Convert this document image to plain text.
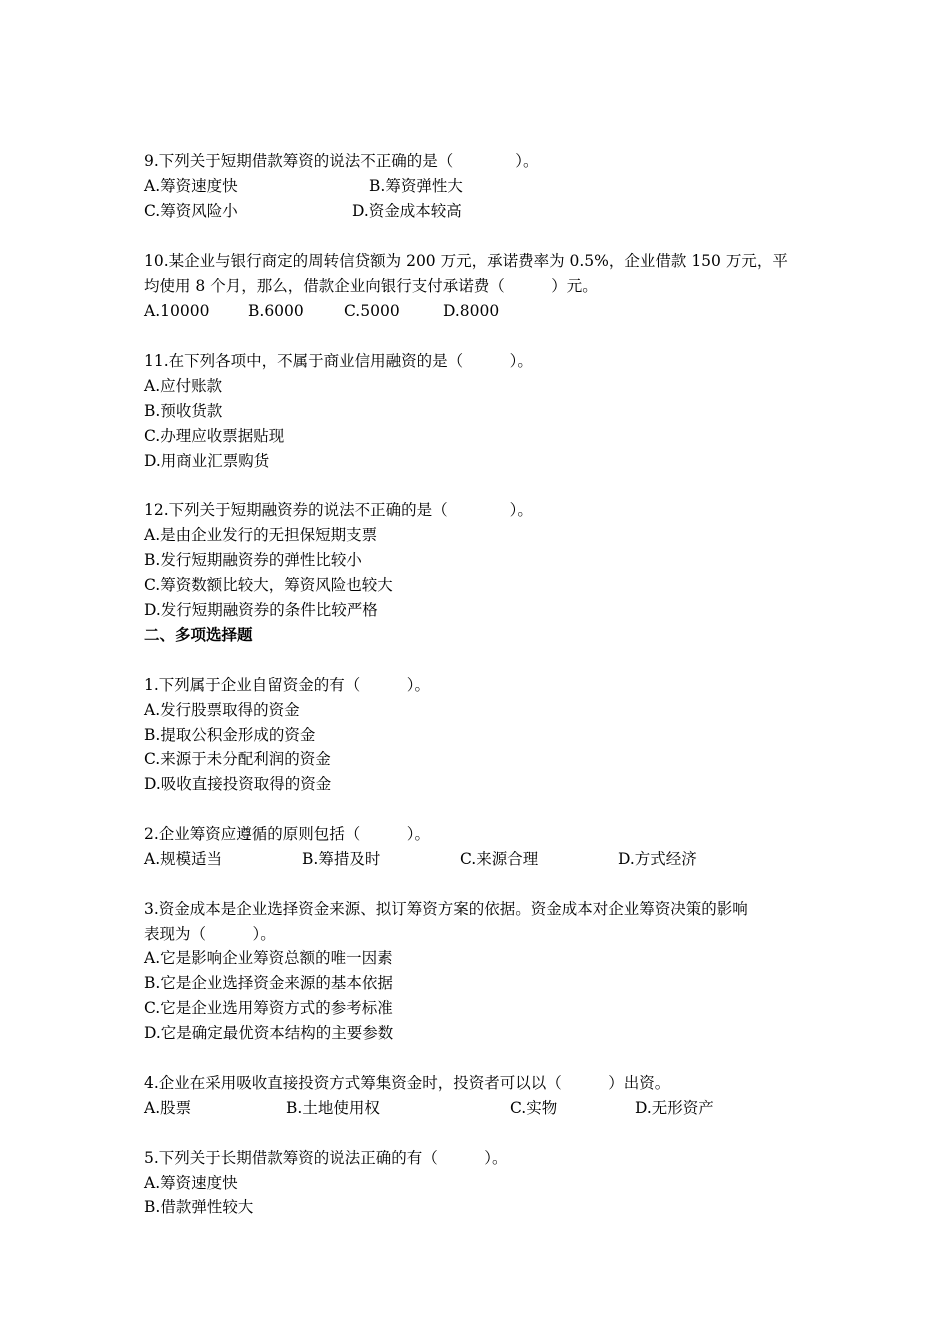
9.下列关于短期借款筹资的说法不正确的是（　　　　）。

A.筹资速度快	B.筹资弹性大
C.筹资风险小	D.资金成本较高

10.某企业与银行商定的周转信贷额为 200 万元，承诺费率为 0.5%，企业借款 150 万元，平

均使用 8 个月，那么，借款企业向银行支付承诺费（　　　）元。

A.10000 B.6000	C.5000	D.8000

11.在下列各项中，不属于商业信用融资的是（　　　）。

A.应付账款

B.预收货款

C.办理应收票据贴现

D.用商业汇票购货

12.下列关于短期融资券的说法不正确的是（　　　　）。

A.是由企业发行的无担保短期支票

B.发行短期融资券的弹性比较小

C.筹资数额比较大，筹资风险也较大

D.发行短期融资券的条件比较严格

二、多项选择题

1.下列属于企业自留资金的有（　　　）。

A.发行股票取得的资金

B.提取公积金形成的资金

C.来源于未分配利润的资金

D.吸收直接投资取得的资金

2.企业筹资应遵循的原则包括（　　　）。

A.规模适当	B.筹措及时	C.来源合理	D.方式经济

3.资金成本是企业选择资金来源、拟订筹资方案的依据。资金成本对企业筹资决策的影响

表现为（　　　）。

A.它是影响企业筹资总额的唯一因素

B.它是企业选择资金来源的基本依据

C.它是企业选用筹资方式的参考标准

D.它是确定最优资本结构的主要参数

4.企业在采用吸收直接投资方式筹集资金时，投资者可以以（　　　）出资。

A.股票	B.土地使用权	C.实物	D.无形资产

5.下列关于长期借款筹资的说法正确的有（　　　）。

A.筹资速度快

B.借款弹性较大
